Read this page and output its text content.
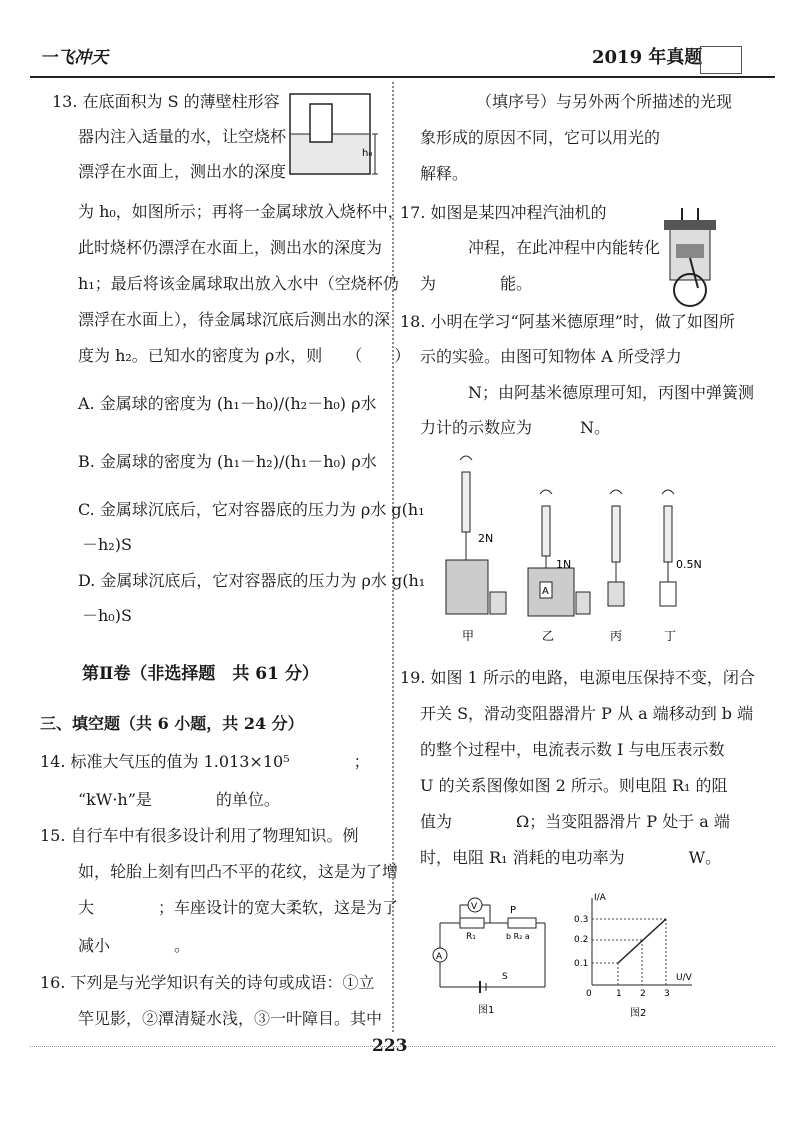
一飞冲天	2019 年真题
13. 在底面积为 S 的薄壁柱形容
器内注入适量的水，让空烧杯
漂浮在水面上，测出水的深度
为 h₀，如图所示；再将一金属球放入烧杯中，
此时烧杯仍漂浮在水面上，测出水的深度为
h₁；最后将该金属球取出放入水中（空烧杯仍
漂浮在水面上），待金属球沉底后测出水的深
度为 h₂。已知水的密度为 ρ水，则　　（　　）
h₀
A. 金属球的密度为 (h₁－h₀)/(h₂－h₀) ρ水
B. 金属球的密度为 (h₁－h₂)/(h₁－h₀) ρ水
C. 金属球沉底后，它对容器底的压力为 ρ水 g(h₁
－h₂)S
D. 金属球沉底后，它对容器底的压力为 ρ水 g(h₁
－h₀)S
第Ⅱ卷（非选择题　共 61 分）
三、填空题（共 6 小题，共 24 分）
14. 标准大气压的值为 1.013×10⁵　　　　；
“kW·h”是　　　　的单位。
15. 自行车中有很多设计利用了物理知识。例
如，轮胎上刻有凹凸不平的花纹，这是为了增
大　　　　；车座设计的宽大柔软，这是为了
减小　　　　。
16. 下列是与光学知识有关的诗句或成语：①立
竿见影，②潭清疑水浅，③一叶障目。其中
　　　　（填序号）与另外两个所描述的光现
象形成的原因不同，它可以用光的
解释。
17. 如图是某四冲程汽油机的
　　　冲程，在此冲程中内能转化
为　　　　能。
18. 小明在学习“阿基米德原理”时，做了如图所
示的实验。由图可知物体 A 所受浮力
　　　N；由阿基米德原理可知，丙图中弹簧测
力计的示数应为　　　N。
2N
甲
A
1N
乙	丙
0.5N
丁
19. 如图 1 所示的电路，电源电压保持不变，闭合
开关 S，滑动变阻器滑片 P 从 a 端移动到 b 端
的整个过程中，电流表示数 I 与电压表示数
U 的关系图像如图 2 所示。则电阻 R₁ 的阻
值为　　　　Ω；当变阻器滑片 P 处于 a 端
时，电阻 R₁ 消耗的电功率为　　　　W。
V
R₁
P
b R₂ a
A
S
图1
I/A
U/V
0.3
0.2
0.1
0	1 2 3
图2
223
